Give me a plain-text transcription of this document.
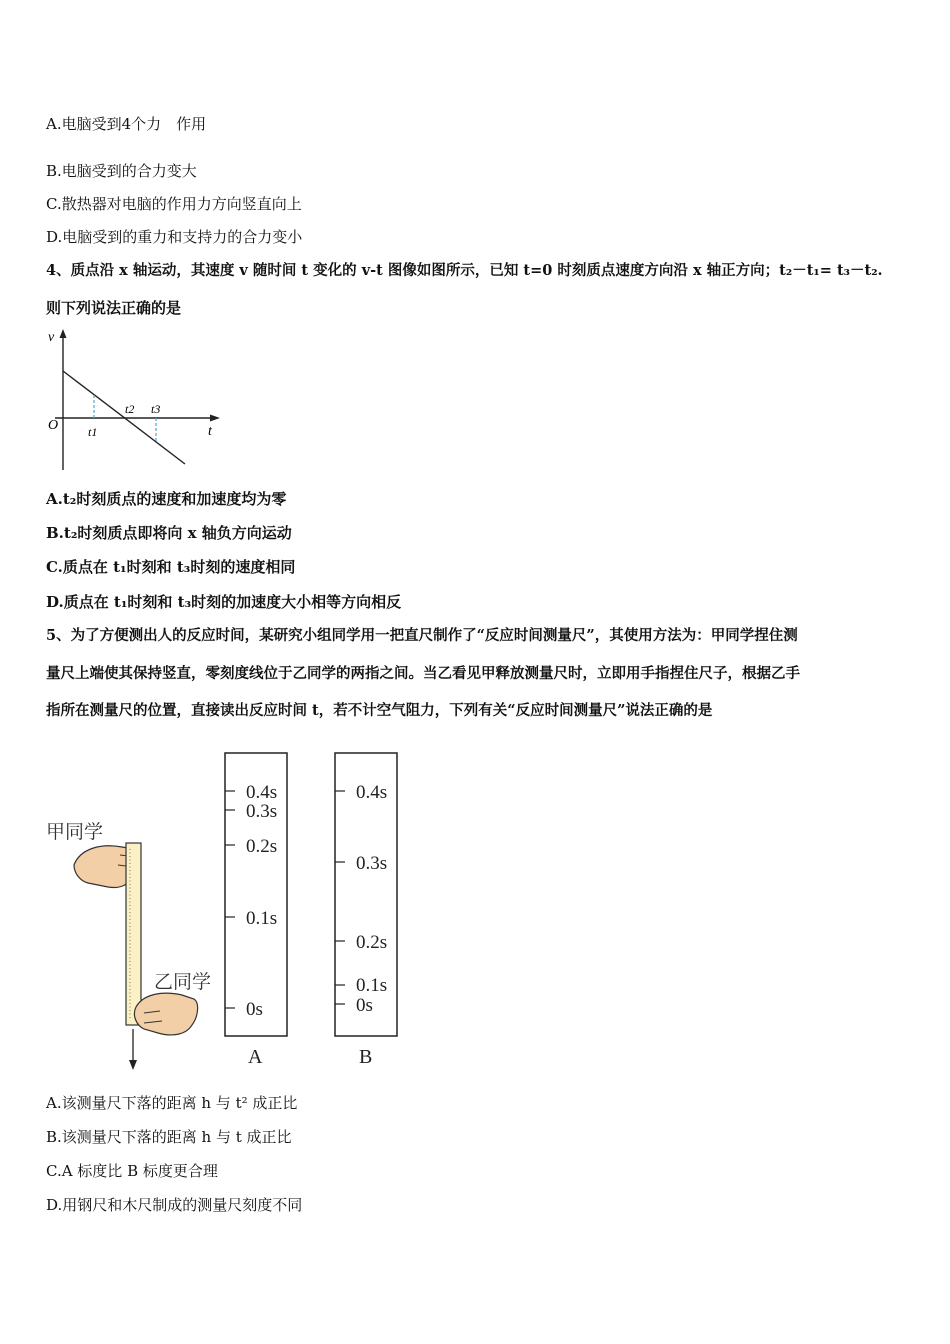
A.电脑受到4个力　作用
B.电脑受到的合力变大
C.散热器对电脑的作用力方向竖直向上
D.电脑受到的重力和支持力的合力变小
4、质点沿 x 轴运动，其速度 v 随时间 t 变化的 v-t 图像如图所示，已知 t=0 时刻质点速度方向沿 x 轴正方向；t₂－t₁= t₃－t₂.
则下列说法正确的是
v
t
O t1
t2 t3
A.t₂时刻质点的速度和加速度均为零
B.t₂时刻质点即将向 x 轴负方向运动
C.质点在 t₁时刻和 t₃时刻的速度相同
D.质点在 t₁时刻和 t₃时刻的加速度大小相等方向相反
5、为了方便测出人的反应时间，某研究小组同学用一把直尺制作了“反应时间测量尺”，其使用方法为：甲同学捏住测
量尺上端使其保持竖直，零刻度线位于乙同学的两指之间。当乙看见甲释放测量尺时，立即用手指捏住尺子，根据乙手
指所在测量尺的位置，直接读出反应时间 t，若不计空气阻力，下列有关“反应时间测量尺”说法正确的是
甲同学
乙同学
0.4s
0.3s
0.2s
0.1s
0s
A
0.4s
0.3s
0.2s
0.1s
0s
B
A.该测量尺下落的距离 h 与 t² 成正比
B.该测量尺下落的距离 h 与 t 成正比
C.A 标度比 B 标度更合理
D.用钢尺和木尺制成的测量尺刻度不同
